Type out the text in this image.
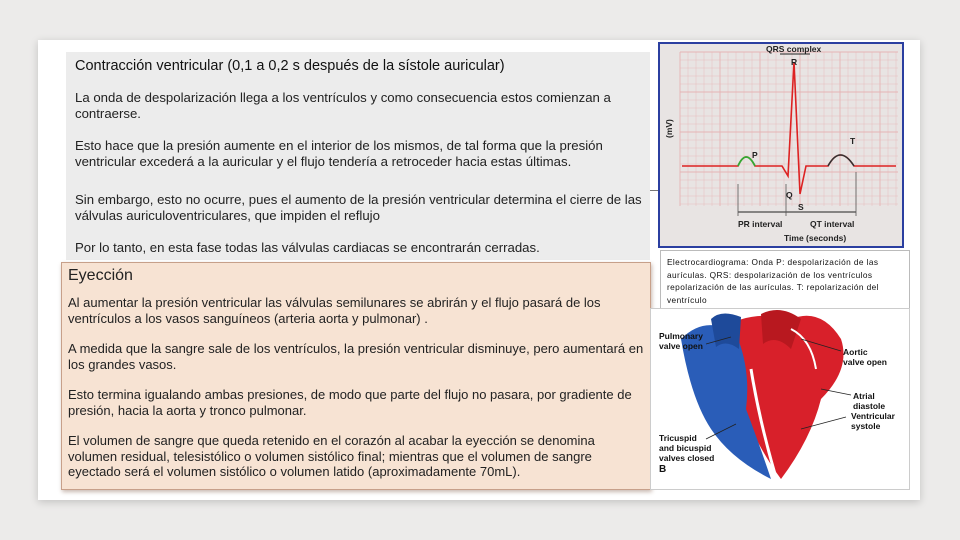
Contracción ventricular (0,1 a 0,2 s después de la sístole auricular)
La onda de despolarización llega a los ventrículos y como consecuencia estos comienzan a contraerse.
Esto hace que la presión aumente en el interior de los mismos, de tal forma que la presión ventricular excederá a la auricular y el flujo tendería a retroceder hacia estas últimas.
Sin embargo, esto no ocurre, pues el aumento de la presión ventricular determina el cierre de las válvulas auriculoventriculares, que impiden el reflujo
Por lo tanto, en esta fase todas las válvulas cardiacas se encontrarán cerradas.
Eyección
Al aumentar la presión ventricular las válvulas semilunares se abrirán y el flujo pasará de los ventrículos a los vasos sanguíneos (arteria aorta y pulmonar) .
A medida que la sangre sale de los ventrículos, la presión ventricular disminuye, pero aumentará en los grandes vasos.
Esto termina igualando ambas presiones, de modo que parte del flujo no pasara, por gradiente de presión, hacia la aorta y tronco pulmonar.
El volumen de sangre que queda retenido en el corazón al acabar la eyección se denomina volumen residual, telesistólico o volumen sistólico final; mientras que el volumen de sangre eyectado será el volumen sistólico o volumen latido (aproximadamente 70mL).
QRS complex
R
T
P
Q
S
(mV)
PR interval	QT interval
Time (seconds)
Electrocardiograma: Onda P: despolarización de las aurículas. QRS: despolarización de los ventrículos repolarización de las aurículas. T: repolarización del ventrículo
Pulmonary
valve open
Aortic
valve open
Atrial diastole
Ventricular
systole
Tricuspid
and bicuspid
valves closed
B
